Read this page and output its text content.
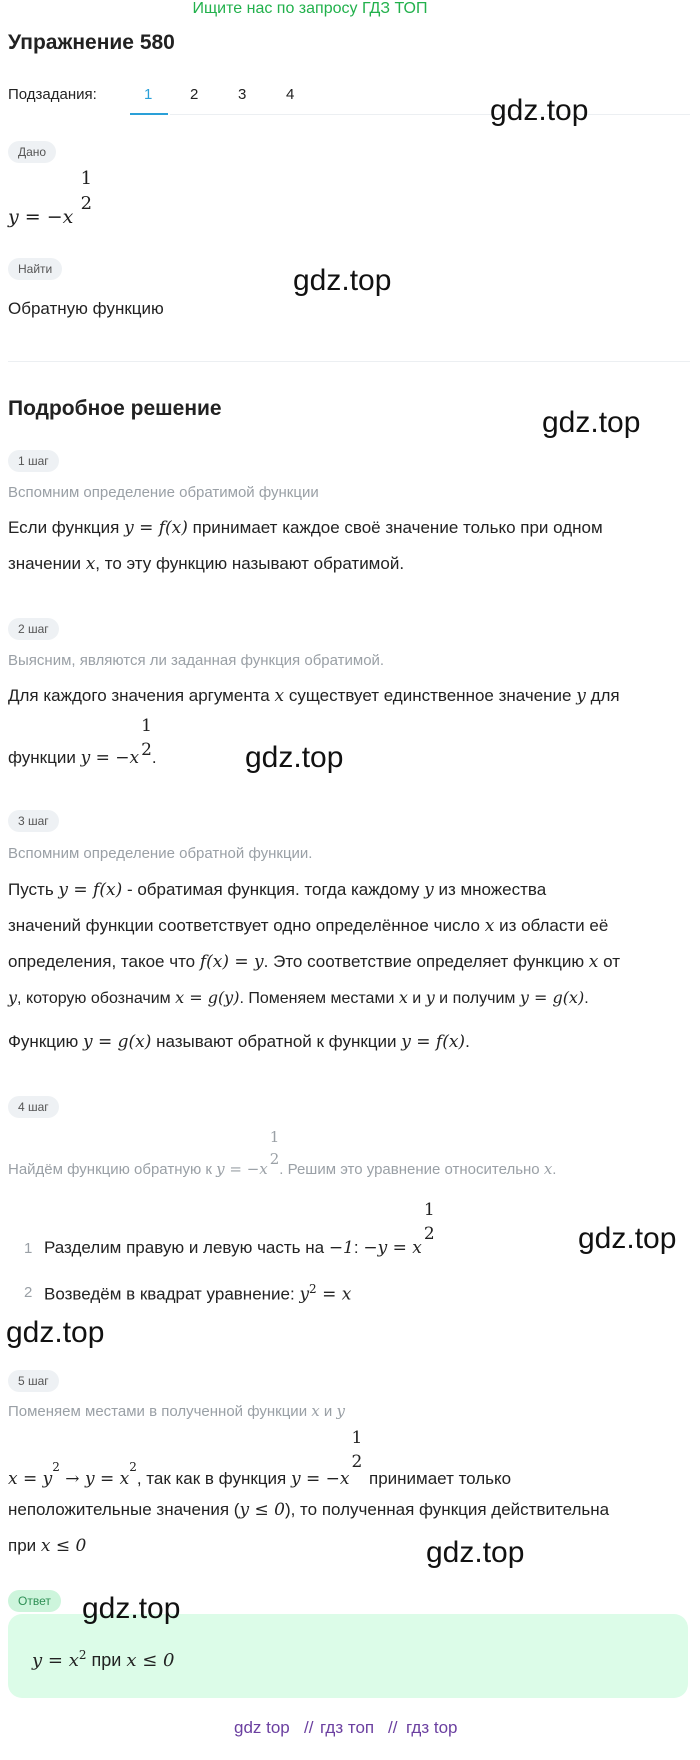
Ищите нас по запросу ГДЗ ТОП
Упражнение 580
Подзадания:	1	2	3	4
Дано
y = −x
1
2
Найти
Обратную функцию
Подробное решение
1 шаг
Вспомним определение обратимой функции
Если функция y = f(x) принимает каждое своё значение только при одном
значении x, то эту функцию называют обратимой.
2 шаг
Выясним, являются ли заданная функция обратимой.
Для каждого значения аргумента x существует единственное значение y для
функции y = −x
1
2 .
3 шаг
Вспомним определение обратной функции.
Пусть y = f(x) - обратимая функция. тогда каждому y из множества
значений функции соответствует одно определённое число x из области её
определения, такое что f(x) = y. Это соответствие определяет функцию x от
y, которую обозначим x = g(y). Поменяем местами x и y и получим y = g(x).
Функцию y = g(x) называют обратной к функции y = f(x).
4 шаг
Найдём функцию обратную к y = −x
1
2
. Решим это уравнение относительно x.
1 Разделим правую и левую часть на −1: −y = x
1
2
2 Возведём в квадрат уравнение: $y^2 = x$
5 шаг
Поменяем местами в полученной функции x и y
$x = y^2 \to y = x^2$, так как в функция y = −x
1
2
принимает только
неположительные значения (y ≤ 0), то полученная функция действительна
при x ≤ 0
Ответ
$y = x^2$ при x ≤ 0
gdz.top
gdz.top
gdz.top
gdz.top
gdz.top
gdz.top
gdz.top
gdz.top
gdz top // гдз топ // гдз top
